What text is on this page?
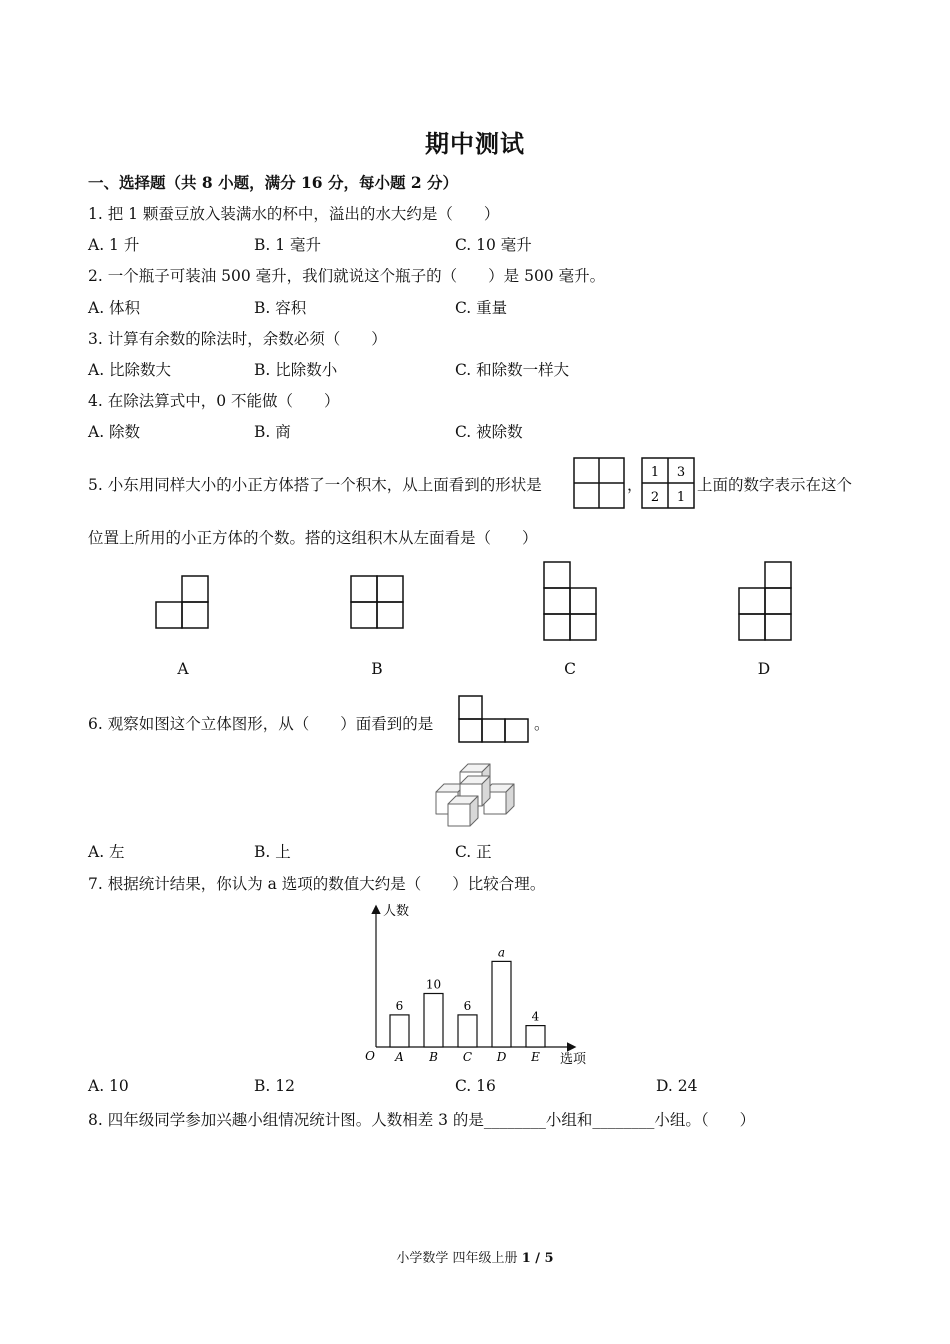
期中测试
一、选择题（共 8 小题，满分 16 分，每小题 2 分）
1. 把 1 颗蚕豆放入装满水的杯中，溢出的水大约是（　　）
A. 1 升	B. 1 毫升	C. 10 毫升
2. 一个瓶子可装油 500 毫升，我们就说这个瓶子的（　　）是 500 毫升。
A. 体积	B. 容积	C. 重量
3. 计算有余数的除法时，余数必须（　　）
A. 比除数大	B. 比除数小	C. 和除数一样大
4. 在除法算式中，0 不能做（　　）
A. 除数	B. 商	C. 被除数
5. 小东用同样大小的小正方体搭了一个积木，从上面看到的形状是	，
1 3
2 1
上面的数字表示在这个
位置上所用的小正方体的个数。搭的这组积木从左面看是（　　）
A	B	C	D
6. 观察如图这个立体图形，从（　　）面看到的是	。
A. 左	B. 上	C. 正
7. 根据统计结果，你认为 a 选项的数值大约是（　　）比较合理。
人数
选项
O
6
A
10
B
6
C
a
D
4
E
A. 10	B. 12	C. 16	D. 24
8. 四年级同学参加兴趣小组情况统计图。人数相差 3 的是________小组和________小组。（　　）
小学数学 四年级上册 1 / 5
